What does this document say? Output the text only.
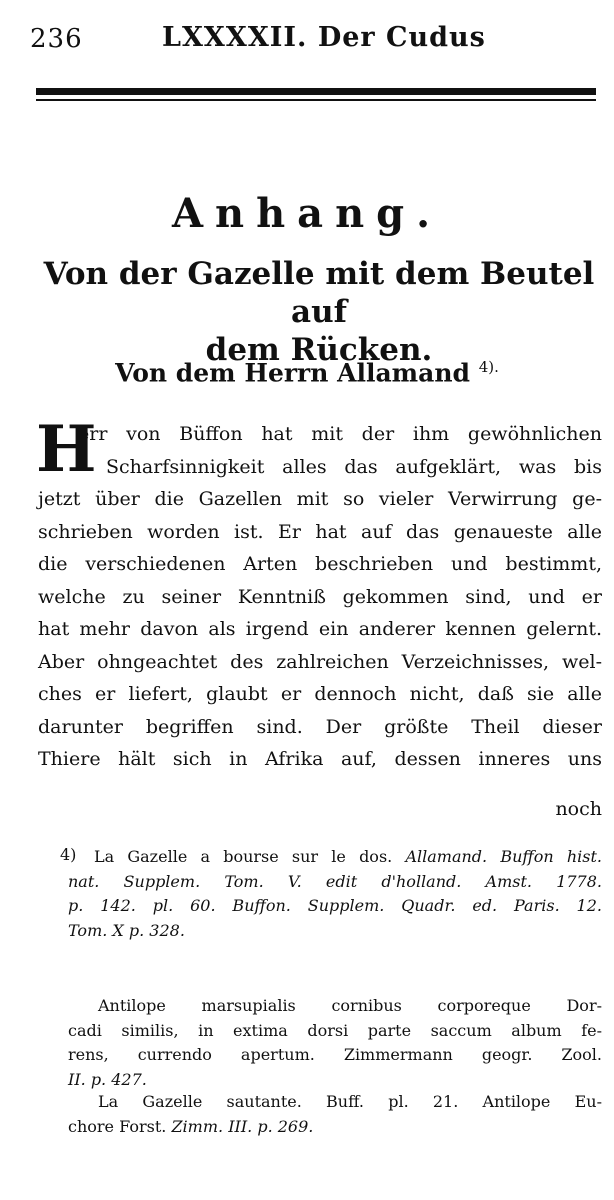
236	LXXXXII. Der Cudus
Anhang.
Von der Gazelle mit dem Beutel auf
dem Rücken.
Von dem Herrn Allamand $^{4).}$
H
err von Büffon hat mit der ihm gewöhnlichen
Scharfsinnigkeit alles das aufgeklärt, was bis
jetzt über die Gazellen mit so vieler Verwirrung ge-
schrieben worden ist. Er hat auf das genaueste alle
die verschiedenen Arten beschrieben und bestimmt,
welche zu seiner Kenntniß gekommen sind, und er
hat mehr davon als irgend ein anderer kennen gelernt.
Aber ohngeachtet des zahlreichen Verzeichnisses, wel-
ches er liefert, glaubt er dennoch nicht, daß sie alle
darunter begriffen sind. Der größte Theil dieser
Thiere hält sich in Afrika auf, dessen inneres uns
noch
4)	La Gazelle a bourse sur le dos. Allamand. Buffon hist.
nat. Supplem. Tom. V. edit d'holland. Amst. 1778.
p. 142. pl. 60. Buffon. Supplem. Quadr. ed. Paris. 12.
Tom. X p. 328.
Antilope marsupialis cornibus corporeque Dor-
cadi similis, in extima dorsi parte saccum album fe-
rens, currendo apertum. Zimmermann geogr. Zool.
II. p. 427.
La Gazelle sautante. Buff. pl. 21. Antilope Eu-
chore Forst. Zimm. III. p. 269.
